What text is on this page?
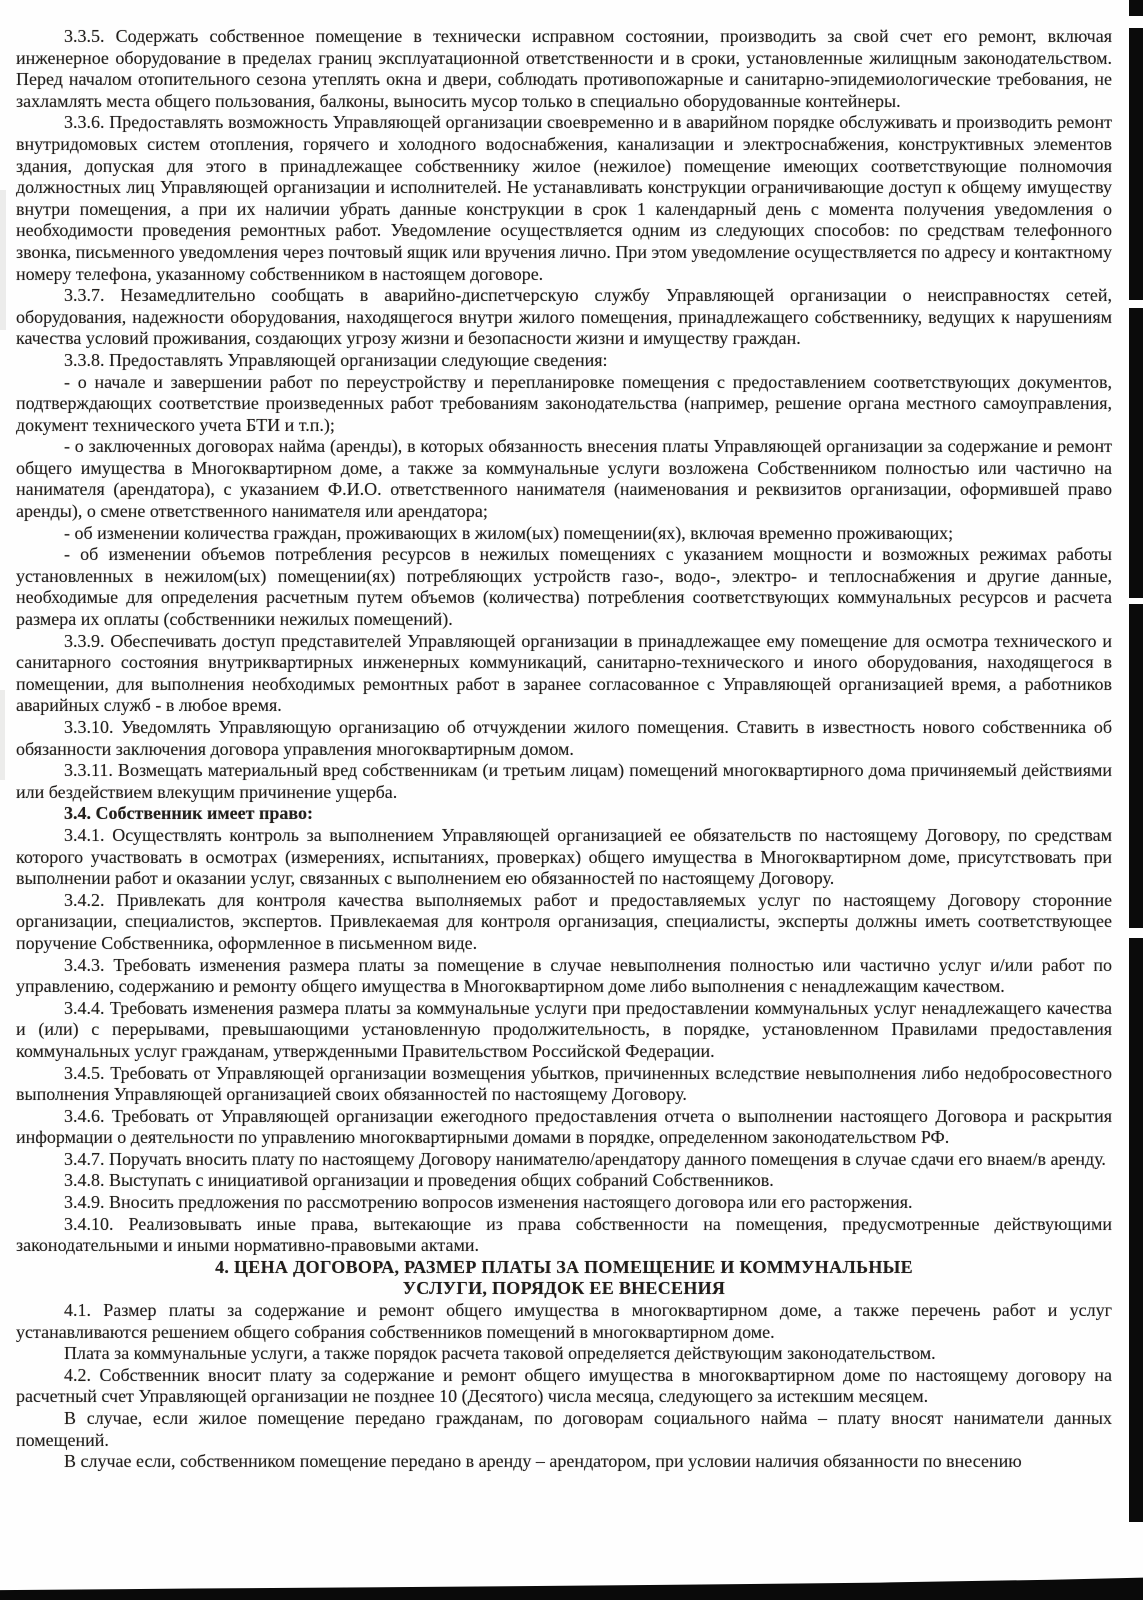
3.3.5. Содержать собственное помещение в технически исправном состоянии, производить за свой счет его ремонт, включая инженерное оборудование в пределах границ эксплуатационной ответственности и в сроки, установленные жилищным законодательством. Перед началом отопительного сезона утеплять окна и двери, соблюдать противопожарные и санитарно-эпидемиологические требования, не захламлять места общего пользования, балконы, выносить мусор только в специально оборудованные контейнеры.

3.3.6. Предоставлять возможность Управляющей организации своевременно и в аварийном порядке обслуживать и производить ремонт внутридомовых систем отопления, горячего и холодного водоснабжения, канализации и электроснабжения, конструктивных элементов здания, допуская для этого в принадлежащее собственнику жилое (нежилое) помещение имеющих соответствующие полномочия должностных лиц Управляющей организации и исполнителей. Не устанавливать конструкции ограничивающие доступ к общему имуществу внутри помещения, а при их наличии убрать данные конструкции в срок 1 календарный день с момента получения уведомления о необходимости проведения ремонтных работ. Уведомление осуществляется одним из следующих способов: по средствам телефонного звонка, письменного уведомления через почтовый ящик или вручения лично. При этом уведомление осуществляется по адресу и контактному номеру телефона, указанному собственником в настоящем договоре.

3.3.7. Незамедлительно сообщать в аварийно-диспетчерскую службу Управляющей организации о неисправностях сетей, оборудования, надежности оборудования, находящегося внутри жилого помещения, принадлежащего собственнику, ведущих к нарушениям качества условий проживания, создающих угрозу жизни и безопасности жизни и имуществу граждан.

3.3.8. Предоставлять Управляющей организации следующие сведения:

- о начале и завершении работ по переустройству и перепланировке помещения с предоставлением соответствующих документов, подтверждающих соответствие произведенных работ требованиям законодательства (например, решение органа местного самоуправления, документ технического учета БТИ и т.п.);

- о заключенных договорах найма (аренды), в которых обязанность внесения платы Управляющей организации за содержание и ремонт общего имущества в Многоквартирном доме, а также за коммунальные услуги возложена Собственником полностью или частично на нанимателя (арендатора), с указанием Ф.И.О. ответственного нанимателя (наименования и реквизитов организации, оформившей право аренды), о смене ответственного нанимателя или арендатора;

- об изменении количества граждан, проживающих в жилом(ых) помещении(ях), включая временно проживающих;

- об изменении объемов потребления ресурсов в нежилых помещениях с указанием мощности и возможных режимах работы установленных в нежилом(ых) помещении(ях) потребляющих устройств газо-, водо-, электро- и теплоснабжения и другие данные, необходимые для определения расчетным путем объемов (количества) потребления соответствующих коммунальных ресурсов и расчета размера их оплаты (собственники нежилых помещений).

3.3.9. Обеспечивать доступ представителей Управляющей организации в принадлежащее ему помещение для осмотра технического и санитарного состояния внутриквартирных инженерных коммуникаций, санитарно-технического и иного оборудования, находящегося в помещении, для выполнения необходимых ремонтных работ в заранее согласованное с Управляющей организацией время, а работников аварийных служб - в любое время.

3.3.10. Уведомлять Управляющую организацию об отчуждении жилого помещения. Ставить в известность нового собственника об обязанности заключения договора управления многоквартирным домом.

3.3.11. Возмещать материальный вред собственникам (и третьим лицам) помещений многоквартирного дома причиняемый действиями или бездействием влекущим причинение ущерба.

3.4. Собственник имеет право:

3.4.1. Осуществлять контроль за выполнением Управляющей организацией ее обязательств по настоящему Договору, по средствам которого участвовать в осмотрах (измерениях, испытаниях, проверках) общего имущества в Многоквартирном доме, присутствовать при выполнении работ и оказании услуг, связанных с выполнением ею обязанностей по настоящему Договору.

3.4.2. Привлекать для контроля качества выполняемых работ и предоставляемых услуг по настоящему Договору сторонние организации, специалистов, экспертов. Привлекаемая для контроля организация, специалисты, эксперты должны иметь соответствующее поручение Собственника, оформленное в письменном виде.

3.4.3. Требовать изменения размера платы за помещение в случае невыполнения полностью или частично услуг и/или работ по управлению, содержанию и ремонту общего имущества в Многоквартирном доме либо выполнения с ненадлежащим качеством.

3.4.4. Требовать изменения размера платы за коммунальные услуги при предоставлении коммунальных услуг ненадлежащего качества и (или) с перерывами, превышающими установленную продолжительность, в порядке, установленном Правилами предоставления коммунальных услуг гражданам, утвержденными Правительством Российской Федерации.

3.4.5. Требовать от Управляющей организации возмещения убытков, причиненных вследствие невыполнения либо недобросовестного выполнения Управляющей организацией своих обязанностей по настоящему Договору.

3.4.6. Требовать от Управляющей организации ежегодного предоставления отчета о выполнении настоящего Договора и раскрытия информации о деятельности по управлению многоквартирными домами в порядке, определенном законодательством РФ.

3.4.7. Поручать вносить плату по настоящему Договору нанимателю/арендатору данного помещения в случае сдачи его внаем/в аренду.

3.4.8. Выступать с инициативой организации и проведения общих собраний Собственников.

3.4.9. Вносить предложения по рассмотрению вопросов изменения настоящего договора или его расторжения.

3.4.10. Реализовывать иные права, вытекающие из права собственности на помещения, предусмотренные действующими законодательными и иными нормативно-правовыми актами.

4. ЦЕНА ДОГОВОРА, РАЗМЕР ПЛАТЫ ЗА ПОМЕЩЕНИЕ И КОММУНАЛЬНЫЕ

УСЛУГИ, ПОРЯДОК ЕЕ ВНЕСЕНИЯ

4.1. Размер платы за содержание и ремонт общего имущества в многоквартирном доме, а также перечень работ и услуг устанавливаются решением общего собрания собственников помещений в многоквартирном доме.

Плата за коммунальные услуги, а также порядок расчета таковой определяется действующим законодательством.

4.2. Собственник вносит плату за содержание и ремонт общего имущества в многоквартирном доме по настоящему договору на расчетный счет Управляющей организации не позднее 10 (Десятого) числа месяца, следующего за истекшим месяцем.

В случае, если жилое помещение передано гражданам, по договорам социального найма – плату вносят наниматели данных помещений.

В случае если, собственником помещение передано в аренду – арендатором, при условии наличия обязанности по внесению
